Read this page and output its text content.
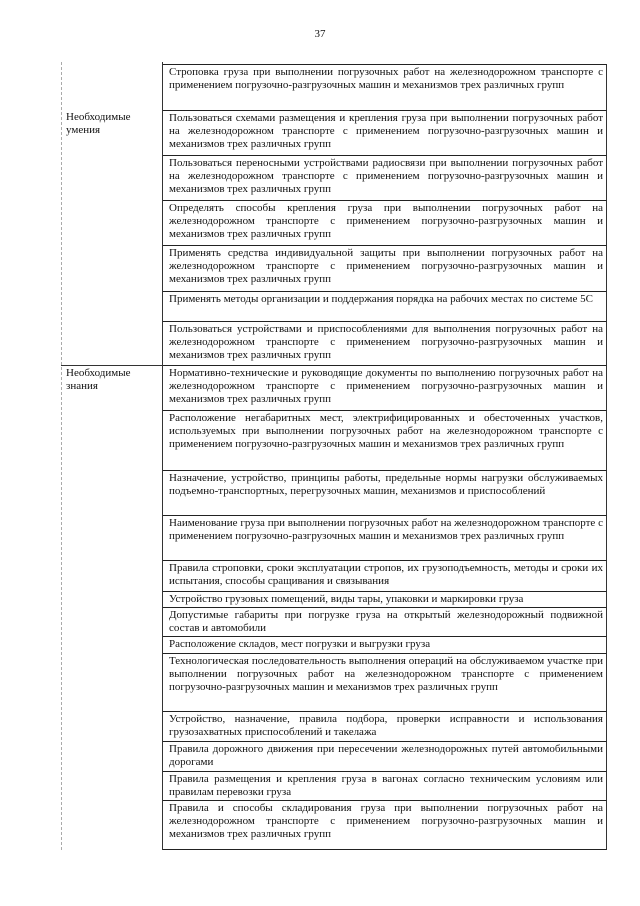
37
Необходимые умения
Необходимые знания
Строповка груза при выполнении погрузочных работ на железнодорожном транспорте с применением погрузочно-разгрузочных машин и механизмов трех различных групп
Пользоваться схемами размещения и крепления груза при выполнении погрузочных работ на железнодорожном транспорте с применением погрузочно-разгрузочных машин и механизмов трех различных групп
Пользоваться переносными устройствами радиосвязи при выполнении погрузочных работ на железнодорожном транспорте с применением погрузочно-разгрузочных машин и механизмов трех различных групп
Определять способы крепления груза при выполнении погрузочных работ на железнодорожном транспорте с применением погрузочно-разгрузочных машин и механизмов трех различных групп
Применять средства индивидуальной защиты при выполнении погрузочных работ на железнодорожном транспорте с применением погрузочно-разгрузочных машин и механизмов трех различных групп
Применять методы организации и поддержания порядка на рабочих местах по системе 5С
Пользоваться устройствами и приспособлениями для выполнения погрузочных работ на железнодорожном транспорте с применением погрузочно-разгрузочных машин и механизмов трех различных групп
Нормативно-технические и руководящие документы по выполнению погрузочных работ на железнодорожном транспорте с применением погрузочно-разгрузочных машин и механизмов трех различных групп
Расположение негабаритных мест, электрифицированных и обесточенных участков, используемых при выполнении погрузочных работ на железнодорожном транспорте с применением погрузочно-разгрузочных машин и механизмов трех различных групп
Назначение, устройство, принципы работы, предельные нормы нагрузки обслуживаемых подъемно-транспортных, перегрузочных машин, механизмов и приспособлений
Наименование груза при выполнении погрузочных работ на железнодорожном транспорте с применением погрузочно-разгрузочных машин и механизмов трех различных групп
Правила строповки, сроки эксплуатации стропов, их грузоподъемность, методы и сроки их испытания, способы сращивания и связывания
Устройство грузовых помещений, виды тары, упаковки и маркировки груза
Допустимые габариты при погрузке груза на открытый железнодорожный подвижной состав и автомобили
Расположение складов, мест погрузки и выгрузки груза
Технологическая последовательность выполнения операций на обслуживаемом участке при выполнении погрузочных работ на железнодорожном транспорте с применением погрузочно-разгрузочных машин и механизмов трех различных групп
Устройство, назначение, правила подбора, проверки исправности и использования грузозахватных приспособлений и такелажа
Правила дорожного движения при пересечении железнодорожных путей автомобильными дорогами
Правила размещения и крепления груза в вагонах согласно техническим условиям или правилам перевозки груза
Правила и способы складирования груза при выполнении погрузочных работ на железнодорожном транспорте с применением погрузочно-разгрузочных машин и механизмов трех различных групп
